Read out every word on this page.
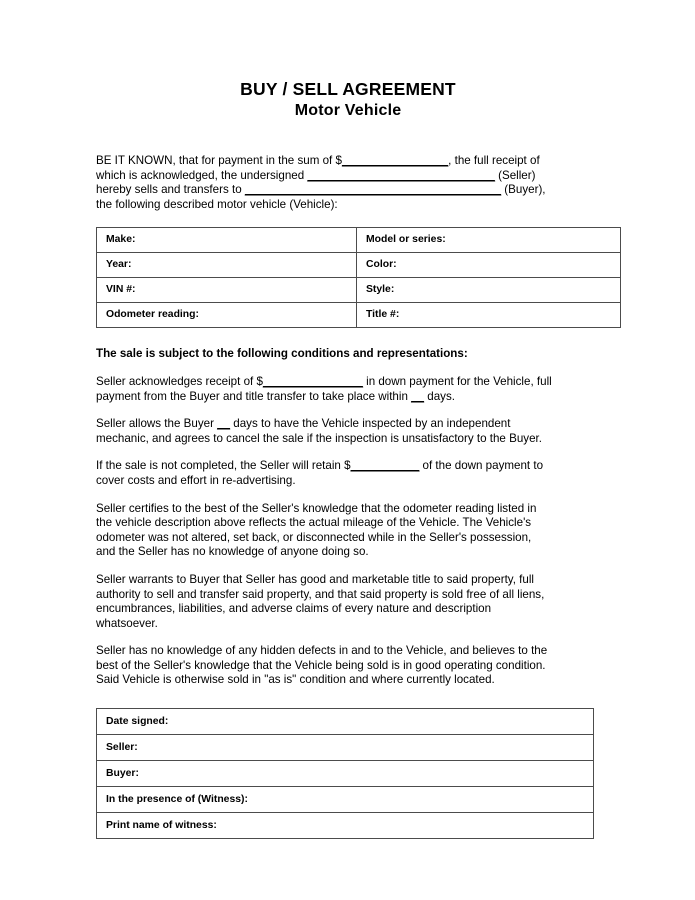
BUY / SELL AGREEMENT
Motor Vehicle
BE IT KNOWN, that for payment in the sum of $_________________, the full receipt of
which is acknowledged, the undersigned ______________________________ (Seller)
hereby sells and transfers to _________________________________________ (Buyer),
the following described motor vehicle (Vehicle):
Make:	Model or series:
Year:	Color:
VIN #:	Style:
Odometer reading:	Title #:
The sale is subject to the following conditions and representations:
Seller acknowledges receipt of $________________ in down payment for the Vehicle, full
payment from the Buyer and title transfer to take place within __ days.
Seller allows the Buyer __ days to have the Vehicle inspected by an independent
mechanic, and agrees to cancel the sale if the inspection is unsatisfactory to the Buyer.
If the sale is not completed, the Seller will retain $___________ of the down payment to
cover costs and effort in re-advertising.
Seller certifies to the best of the Seller's knowledge that the odometer reading listed in
the vehicle description above reflects the actual mileage of the Vehicle. The Vehicle's
odometer was not altered, set back, or disconnected while in the Seller's possession,
and the Seller has no knowledge of anyone doing so.
Seller warrants to Buyer that Seller has good and marketable title to said property, full
authority to sell and transfer said property, and that said property is sold free of all liens,
encumbrances, liabilities, and adverse claims of every nature and description
whatsoever.
Seller has no knowledge of any hidden defects in and to the Vehicle, and believes to the
best of the Seller's knowledge that the Vehicle being sold is in good operating condition.
Said Vehicle is otherwise sold in "as is" condition and where currently located.
Date signed:
Seller:
Buyer:
In the presence of (Witness):
Print name of witness:
